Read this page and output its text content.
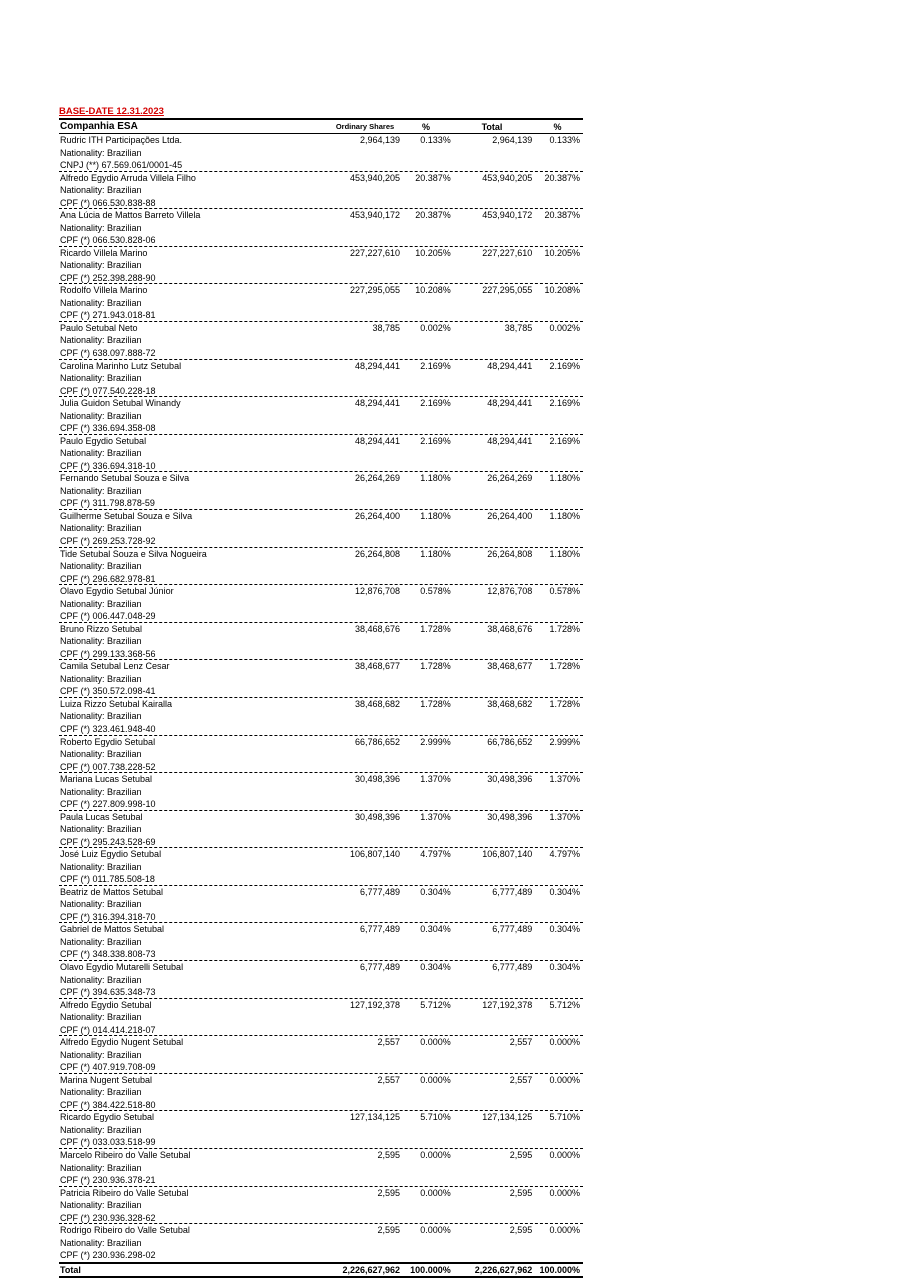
BASE-DATE 12.31.2023
Companhia ESA	Ordinary Shares	%	Total	%
Rudric ITH Participações Ltda.	2,964,139	0.133%	2,964,139	0.133%
Nationality: Brazilian
CNPJ (**) 67.569.061/0001-45
Alfredo Egydio Arruda Villela Filho	453,940,205	20.387%	453,940,205	20.387%
Nationality: Brazilian
CPF (*) 066.530.838-88
Ana Lúcia de Mattos Barreto Villela	453,940,172	20.387%	453,940,172	20.387%
Nationality: Brazilian
CPF (*) 066.530.828-06
Ricardo Villela Marino	227,227,610	10.205%	227,227,610	10.205%
Nationality: Brazilian
CPF (*) 252.398.288-90
Rodolfo Villela Marino	227,295,055	10.208%	227,295,055	10.208%
Nationality: Brazilian
CPF (*) 271.943.018-81
Paulo Setubal Neto	38,785	0.002%	38,785	0.002%
Nationality: Brazilian
CPF (*) 638.097.888-72
Carolina Marinho Lutz Setubal	48,294,441	2.169%	48,294,441	2.169%
Nationality: Brazilian
CPF (*) 077.540.228-18
Julia Guidon Setubal Winandy	48,294,441	2.169%	48,294,441	2.169%
Nationality: Brazilian
CPF (*) 336.694.358-08
Paulo Egydio Setubal	48,294,441	2.169%	48,294,441	2.169%
Nationality: Brazilian
CPF (*) 336.694.318-10
Fernando Setubal Souza e Silva	26,264,269	1.180%	26,264,269	1.180%
Nationality: Brazilian
CPF (*) 311.798.878-59
Guilherme Setubal Souza e Silva	26,264,400	1.180%	26,264,400	1.180%
Nationality: Brazilian
CPF (*) 269.253.728-92
Tide Setubal Souza e Silva Nogueira	26,264,808	1.180%	26,264,808	1.180%
Nationality: Brazilian
CPF (*) 296.682.978-81
Olavo Egydio Setubal Júnior	12,876,708	0.578%	12,876,708	0.578%
Nationality: Brazilian
CPF (*) 006.447.048-29
Bruno Rizzo Setubal	38,468,676	1.728%	38,468,676	1.728%
Nationality: Brazilian
CPF (*) 299.133.368-56
Camila Setubal Lenz Cesar	38,468,677	1.728%	38,468,677	1.728%
Nationality: Brazilian
CPF (*) 350.572.098-41
Luiza Rizzo Setubal Kairalla	38,468,682	1.728%	38,468,682	1.728%
Nationality: Brazilian
CPF (*) 323.461.948-40
Roberto Egydio Setubal	66,786,652	2.999%	66,786,652	2.999%
Nationality: Brazilian
CPF (*) 007.738.228-52
Mariana Lucas Setubal	30,498,396	1.370%	30,498,396	1.370%
Nationality: Brazilian
CPF (*) 227.809.998-10
Paula Lucas Setubal	30,498,396	1.370%	30,498,396	1.370%
Nationality: Brazilian
CPF (*) 295.243.528-69
José Luiz Egydio Setubal	106,807,140	4.797%	106,807,140	4.797%
Nationality: Brazilian
CPF (*) 011.785.508-18
Beatriz de Mattos Setubal	6,777,489	0.304%	6,777,489	0.304%
Nationality: Brazilian
CPF (*) 316.394.318-70
Gabriel de Mattos Setubal	6,777,489	0.304%	6,777,489	0.304%
Nationality: Brazilian
CPF (*) 348.338.808-73
Olavo Egydio Mutarelli Setubal	6,777,489	0.304%	6,777,489	0.304%
Nationality: Brazilian
CPF (*) 394.635.348-73
Alfredo Egydio Setubal	127,192,378	5.712%	127,192,378	5.712%
Nationality: Brazilian
CPF (*) 014.414.218-07
Alfredo Egydio Nugent Setubal	2,557	0.000%	2,557	0.000%
Nationality: Brazilian
CPF (*) 407.919.708-09
Marina Nugent Setubal	2,557	0.000%	2,557	0.000%
Nationality: Brazilian
CPF (*) 384.422.518-80
Ricardo Egydio Setubal	127,134,125	5.710%	127,134,125	5.710%
Nationality: Brazilian
CPF (*) 033.033.518-99
Marcelo Ribeiro do Valle Setubal	2,595	0.000%	2,595	0.000%
Nationality: Brazilian
CPF (*) 230.936.378-21
Patricia Ribeiro do Valle Setubal	2,595	0.000%	2,595	0.000%
Nationality: Brazilian
CPF (*) 230.936.328-62
Rodrigo Ribeiro do Valle Setubal	2,595	0.000%	2,595	0.000%
Nationality: Brazilian
CPF (*) 230.936.298-02
Total	2,226,627,962	100.000%	2,226,627,962 100.000%
